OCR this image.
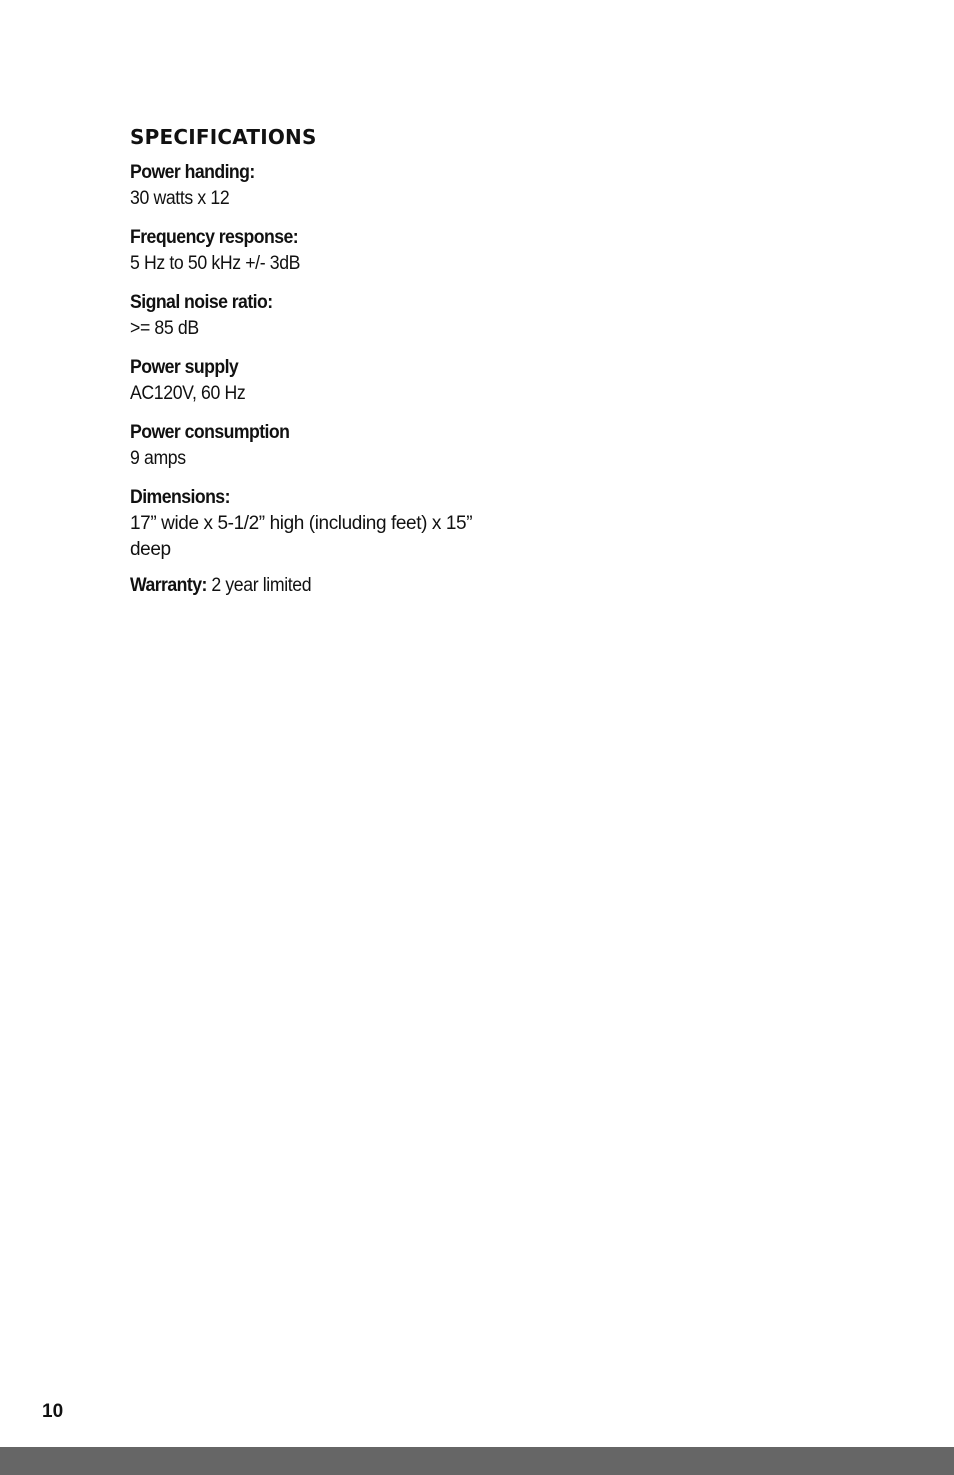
SPECIFICATIONS
Power handing:
30 watts x 12
Frequency response:
5 Hz to 50 kHz +/- 3dB
Signal noise ratio:
>= 85 dB
Power supply
AC120V, 60 Hz
Power consumption
9 amps
Dimensions:
17” wide x 5-1/2” high (including feet) x 15” deep
Warranty: 2 year limited
10
